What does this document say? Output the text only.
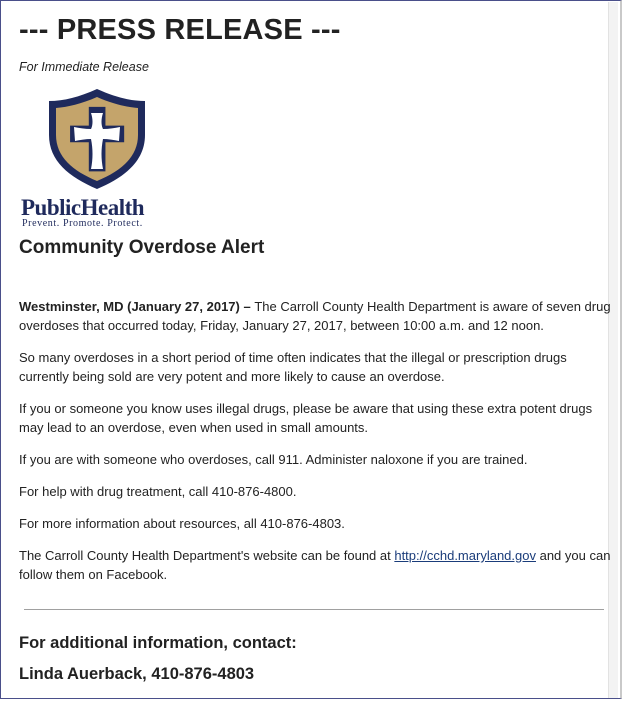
--- PRESS RELEASE ---

For Immediate Release

PublicHealth
Prevent. Promote. Protect.
Community Overdose Alert

Westminster, MD (January 27, 2017) – The Carroll County Health Department is aware of seven drug overdoses that occurred today, Friday, January 27, 2017, between 10:00 a.m. and 12 noon.

So many overdoses in a short period of time often indicates that the illegal or prescription drugs currently being sold are very potent and more likely to cause an overdose.

If you or someone you know uses illegal drugs, please be aware that using these extra potent drugs may lead to an overdose, even when used in small amounts.

If you are with someone who overdoses, call 911. Administer naloxone if you are trained.

For help with drug treatment, call 410-876-4800.

For more information about resources, all 410-876-4803.

The Carroll County Health Department's website can be found at http://cchd.maryland.gov and you can follow them on Facebook.

For additional information, contact:
Linda Auerback, 410-876-4803
